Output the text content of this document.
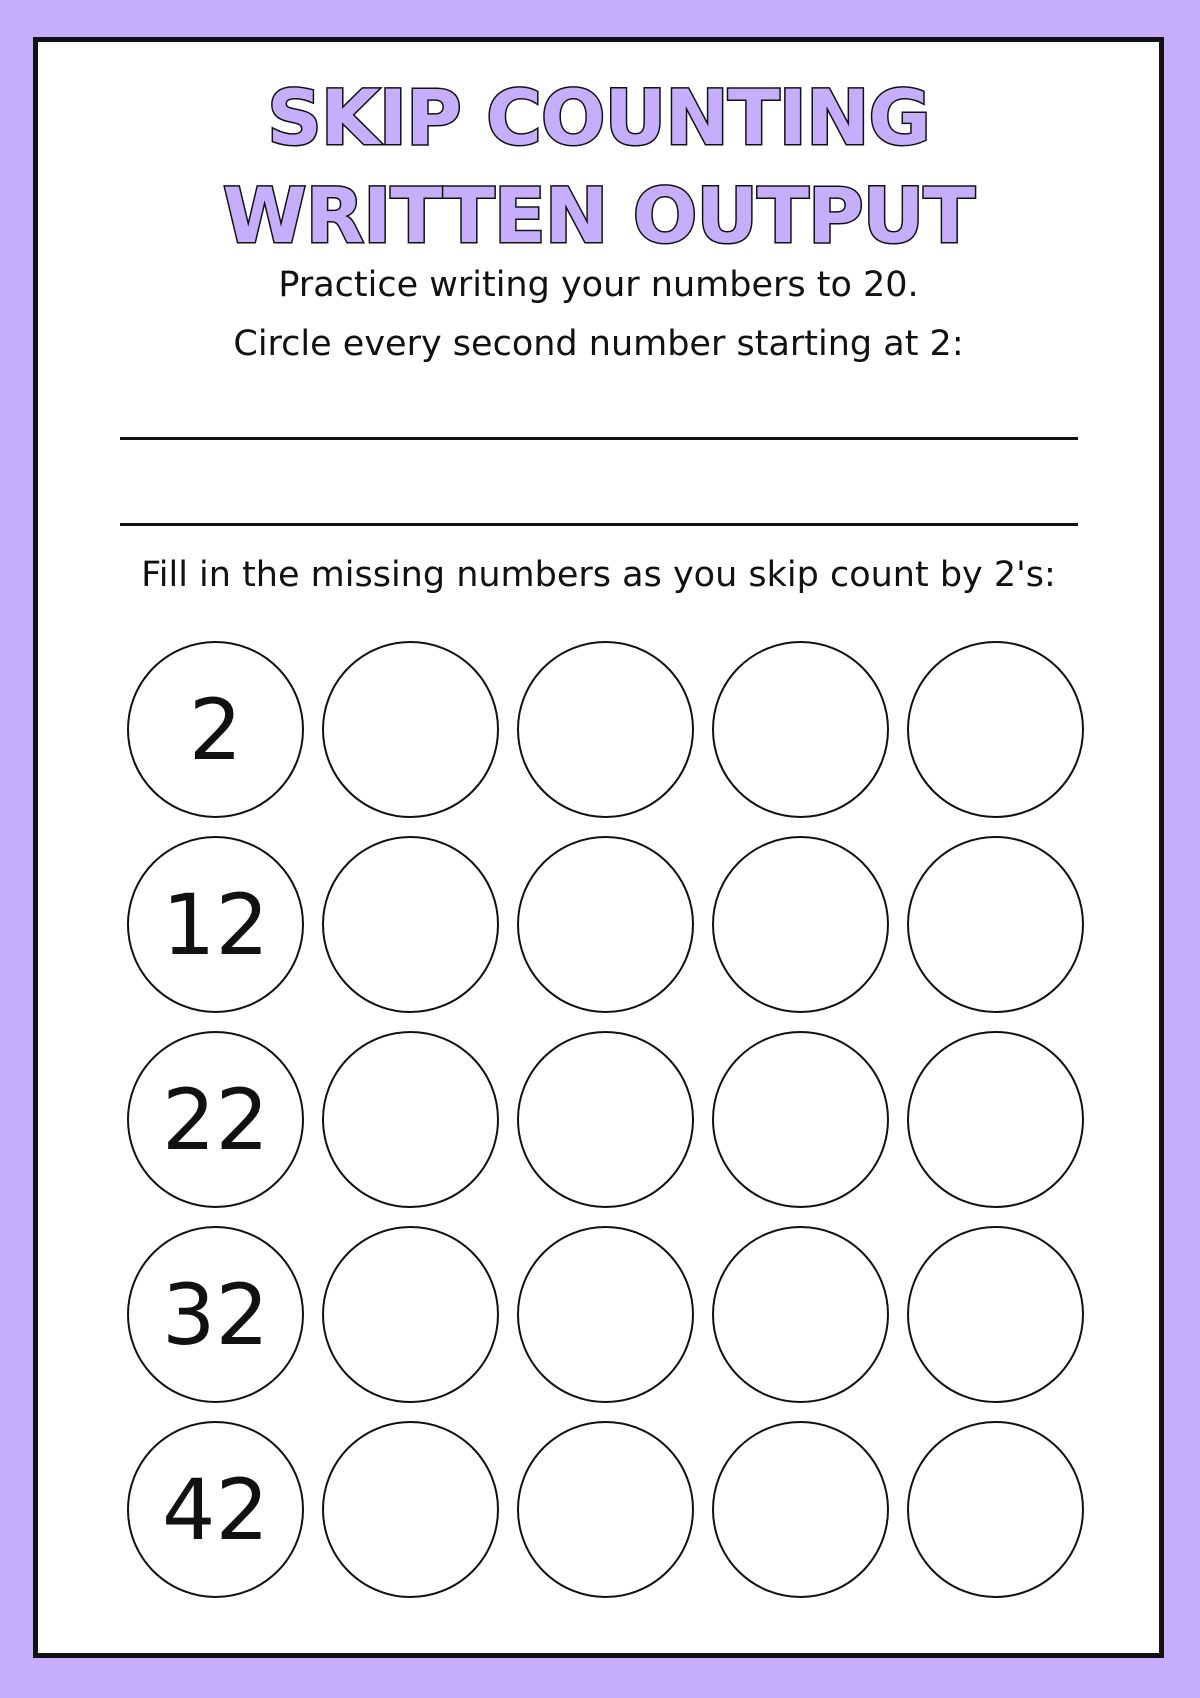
SKIP COUNTING
WRITTEN OUTPUT
Practice writing your numbers to 20.
Circle every second number starting at 2:
Fill in the missing numbers as you skip count by 2's:
2
12
22
32
42
